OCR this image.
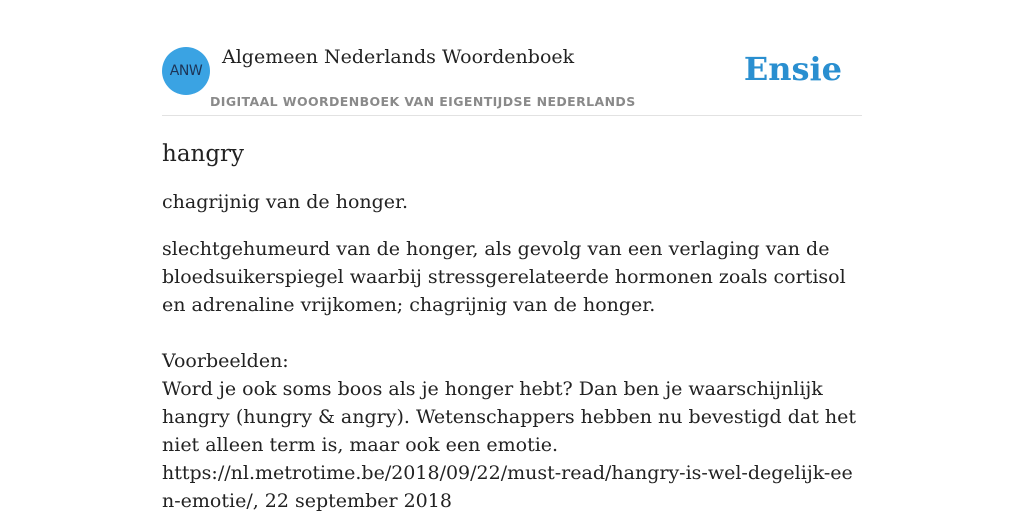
ANW
Algemeen Nederlands Woordenboek
DIGITAAL WOORDENBOEK VAN EIGENTIJDSE NEDERLANDS
Ensie
hangry

chagrijnig van de honger.

slechtgehumeurd van de honger, als gevolg van een verlaging van de bloedsuikerspiegel waarbij stressgerelateerde hormonen zoals cortisol en adrenaline vrijkomen; chagrijnig van de honger.

Voorbeelden:
Word je ook soms boos als je honger hebt? Dan ben je waarschijnlijk hangry (hungry & angry). Wetenschappers hebben nu bevestigd dat het niet alleen term is, maar ook een emotie.
https://nl.metrotime.be/2018/09/22/must-read/hangry-is-wel-degelijk-een-emotie/, 22 september 2018
